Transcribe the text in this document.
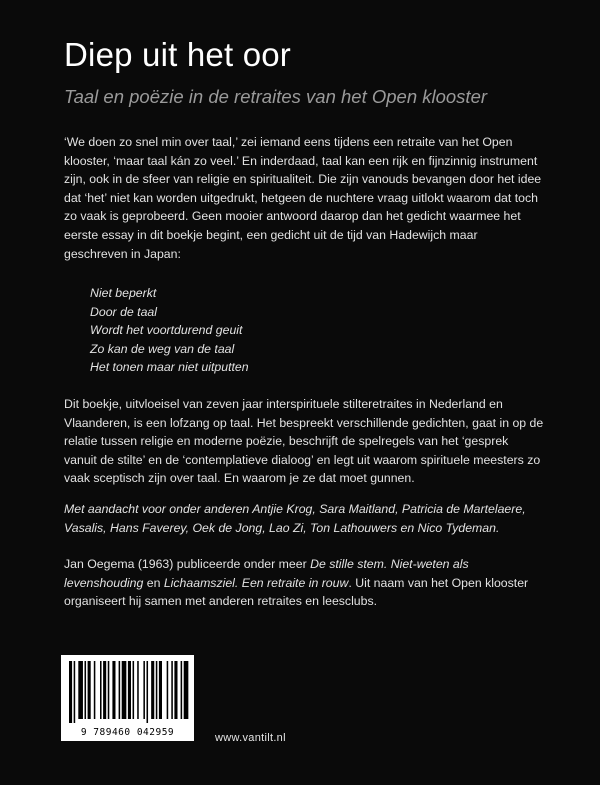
Diep uit het oor
Taal en poëzie in de retraites van het Open klooster

‘We doen zo snel min over taal,’ zei iemand eens tijdens een retraite van het Open klooster, ‘maar taal kán zo veel.’ En inderdaad, taal kan een rijk en fijnzinnig instrument zijn, ook in de sfeer van religie en spiritualiteit. Die zijn vanouds bevangen door het idee dat ‘het’ niet kan worden uitgedrukt, hetgeen de nuchtere vraag uitlokt waarom dat toch zo vaak is geprobeerd. Geen mooier antwoord daarop dan het gedicht waarmee het eerste essay in dit boekje begint, een gedicht uit de tijd van Hadewijch maar geschreven in Japan:

Niet beperkt
Door de taal
Wordt het voortdurend geuit
Zo kan de weg van de taal
Het tonen maar niet uitputten

Dit boekje, uitvloeisel van zeven jaar interspirituele stilteretraites in Nederland en Vlaanderen, is een lofzang op taal. Het bespreekt verschillende gedichten, gaat in op de relatie tussen religie en moderne poëzie, beschrijft de spelregels van het ‘gesprek vanuit de stilte’ en de ‘contemplatieve dialoog’ en legt uit waarom spirituele meesters zo vaak sceptisch zijn over taal. En waarom je ze dat moet gunnen.

Met aandacht voor onder anderen Antjie Krog, Sara Maitland, Patricia de Martelaere, Vasalis, Hans Faverey, Oek de Jong, Lao Zi, Ton Lathouwers en Nico Tydeman.

Jan Oegema (1963) publiceerde onder meer De stille stem. Niet-weten als levenshouding en Lichaamsziel. Een retraite in rouw. Uit naam van het Open klooster organiseert hij samen met anderen retraites en leesclubs.

9 789460 042959	www.vantilt.nl
